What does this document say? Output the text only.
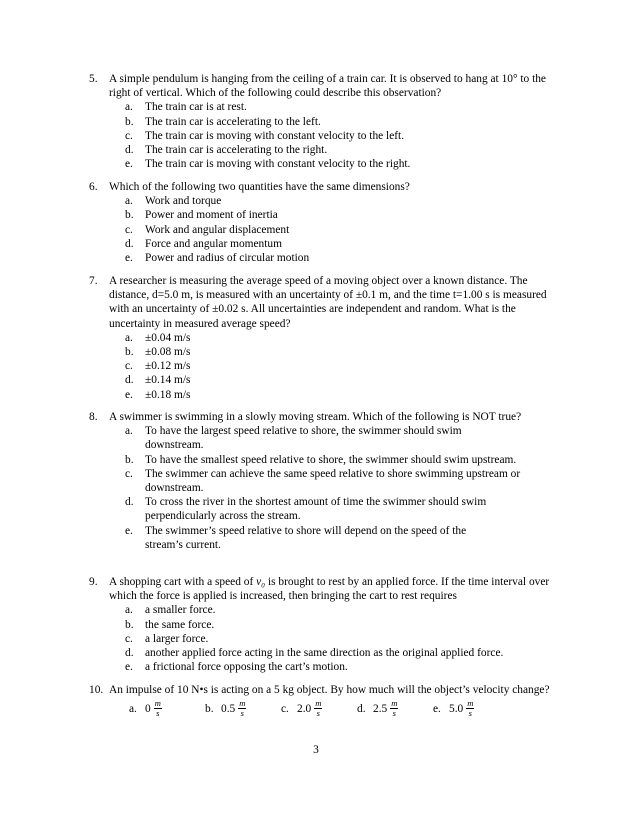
5.	A simple pendulum is hanging from the ceiling of a train car. It is observed to hang at 10° to the right of vertical. Which of the following could describe this observation?
a.	The train car is at rest.
b.	The train car is accelerating to the left.
c.	The train car is moving with constant velocity to the left.
d.	The train car is accelerating to the right.
e.	The train car is moving with constant velocity to the right.
6.	Which of the following two quantities have the same dimensions?
a.	Work and torque
b.	Power and moment of inertia
c.	Work and angular displacement
d.	Force and angular momentum
e.	Power and radius of circular motion
7.	A researcher is measuring the average speed of a moving object over a known distance. The distance, d=5.0 m, is measured with an uncertainty of ±0.1 m, and the time t=1.00 s is measured with an uncertainty of ±0.02 s. All uncertainties are independent and random. What is the uncertainty in measured average speed?
a.	±0.04 m/s
b.	±0.08 m/s
c.	±0.12 m/s
d.	±0.14 m/s
e.	±0.18 m/s
8.	A swimmer is swimming in a slowly moving stream. Which of the following is NOT true?
a.	To have the largest speed relative to shore, the swimmer should swim downstream.
b.	To have the smallest speed relative to shore, the swimmer should swim upstream.
c.	The swimmer can achieve the same speed relative to shore swimming upstream or downstream.
d.	To cross the river in the shortest amount of time the swimmer should swim perpendicularly across the stream.
e.	The swimmer’s speed relative to shore will depend on the speed of the stream’s current.
9.	A shopping cart with a speed of v₀ is brought to rest by an applied force. If the time interval over which the force is applied is increased, then bringing the cart to rest requires
a.	a smaller force.
b.	the same force.
c.	a larger force.
d.	another applied force acting in the same direction as the original applied force.
e.	a frictional force opposing the cart’s motion.
10. An impulse of 10 N•s is acting on a 5 kg object. By how much will the object’s velocity change?
a. $0 \frac{m}{s}$	b. $0.5 \frac{m}{s}$	c. $2.0 \frac{m}{s}$	d. $2.5 \frac{m}{s}$	e. $5.0 \frac{m}{s}$
3
